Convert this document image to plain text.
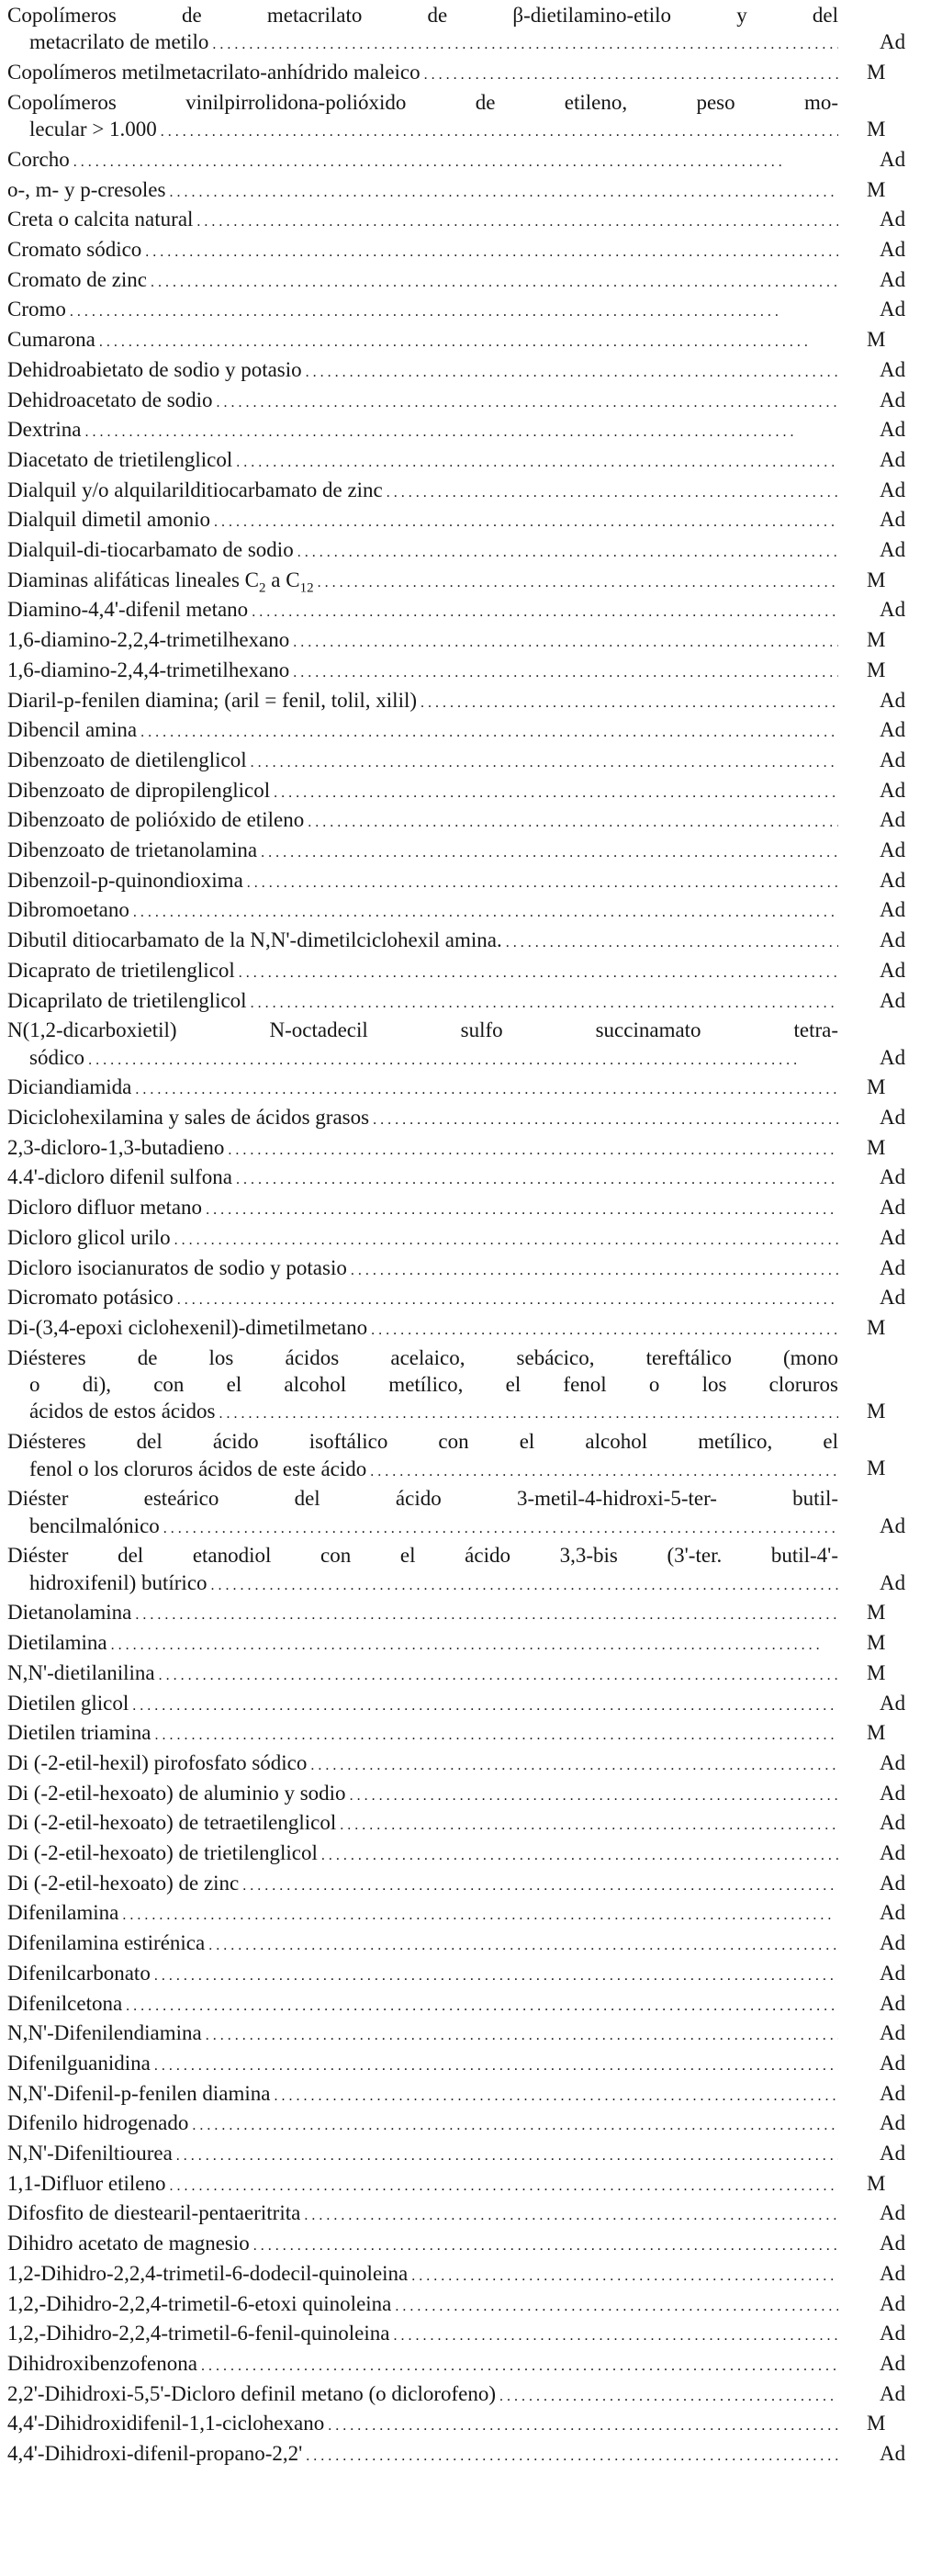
Copolímeros de metacrilato de β-dietilamino-etilo y del
metacrilato de metilo . . .	Ad
Copolímeros metilmetacrilato-anhídrido maleico . . .	M
Copolímeros vinilpirrolidona-polióxido de etileno, peso mo-
lecular > 1.000 . . .	M
Corcho . . .	Ad
o-, m- y p-cresoles . . .	M
Creta o calcita natural . . .	Ad
Cromato sódico . . .	Ad
Cromato de zinc . . .	Ad
Cromo . . .	Ad
Cumarona . . .	M
Dehidroabietato de sodio y potasio . . .	Ad
Dehidroacetato de sodio . . .	Ad
Dextrina . . .	Ad
Diacetato de trietilenglicol . . .	Ad
Dialquil y/o alquilarilditiocarbamato de zinc . . .	Ad
Dialquil dimetil amonio . . .	Ad
Dialquil-di-tiocarbamato de sodio . . .	Ad
Diaminas alifáticas lineales $C_2$ a $C_{12}$ . . .	M
Diamino-4,4'-difenil metano . . .	Ad
1,6-diamino-2,2,4-trimetilhexano . . .	M
1,6-diamino-2,4,4-trimetilhexano . . .	M
Diaril-p-fenilen diamina; (aril = fenil, tolil, xilil) . . .	Ad
Dibencil amina . . .	Ad
Dibenzoato de dietilenglicol . . .	Ad
Dibenzoato de dipropilenglicol . . .	Ad
Dibenzoato de polióxido de etileno . . .	Ad
Dibenzoato de trietanolamina . . .	Ad
Dibenzoil-p-quinondioxima . . .	Ad
Dibromoetano . . .	Ad
Dibutil ditiocarbamato de la N,N'-dimetilciclohexil amina. . . .	Ad
Dicaprato de trietilenglicol . . .	Ad
Dicaprilato de trietilenglicol . . .	Ad
N(1,2-dicarboxietil) N-octadecil sulfo succinamato tetra-
sódico . . .	Ad
Diciandiamida . . .	M
Diciclohexilamina y sales de ácidos grasos . . .	Ad
2,3-dicloro-1,3-butadieno . . .	M
4.4'-dicloro difenil sulfona . . .	Ad
Dicloro difluor metano . . .	Ad
Dicloro glicol urilo . . .	Ad
Dicloro isocianuratos de sodio y potasio . . .	Ad
Dicromato potásico . . .	Ad
Di-(3,4-epoxi ciclohexenil)-dimetilmetano . . .	M
Diésteres de los ácidos acelaico, sebácico, tereftálico (mono
o di), con el alcohol metílico, el fenol o los cloruros
ácidos de estos ácidos . . .	M
Diésteres del ácido isoftálico con el alcohol metílico, el
fenol o los cloruros ácidos de este ácido . . .	M
Diéster esteárico del ácido 3-metil-4-hidroxi-5-ter- butil-
bencilmalónico . . .	Ad
Diéster del etanodiol con el ácido 3,3-bis (3'-ter. butil-4'-
hidroxifenil) butírico . . .	Ad
Dietanolamina . . .	M
Dietilamina . . .	M
N,N'-dietilanilina . . .	M
Dietilen glicol . . .	Ad
Dietilen triamina . . .	M
Di (-2-etil-hexil) pirofosfato sódico . . .	Ad
Di (-2-etil-hexoato) de aluminio y sodio . . .	Ad
Di (-2-etil-hexoato) de tetraetilenglicol . . .	Ad
Di (-2-etil-hexoato) de trietilenglicol . . .	Ad
Di (-2-etil-hexoato) de zinc . . .	Ad
Difenilamina . . .	Ad
Difenilamina estirénica . . .	Ad
Difenilcarbonato . . .	Ad
Difenilcetona . . .	Ad
N,N'-Difenilendiamina . . .	Ad
Difenilguanidina . . .	Ad
N,N'-Difenil-p-fenilen diamina . . .	Ad
Difenilo hidrogenado . . .	Ad
N,N'-Difeniltiourea . . .	Ad
1,1-Difluor etileno . . .	M
Difosfito de diestearil-pentaeritrita . . .	Ad
Dihidro acetato de magnesio . . .	Ad
1,2-Dihidro-2,2,4-trimetil-6-dodecil-quinoleina . . .	Ad
1,2,-Dihidro-2,2,4-trimetil-6-etoxi quinoleina . . .	Ad
1,2,-Dihidro-2,2,4-trimetil-6-fenil-quinoleina . . .	Ad
Dihidroxibenzofenona . . .	Ad
2,2'-Dihidroxi-5,5'-Dicloro definil metano (o diclorofeno) . . .	Ad
4,4'-Dihidroxidifenil-1,1-ciclohexano . . .	M
4,4'-Dihidroxi-difenil-propano-2,2' . . .	Ad
